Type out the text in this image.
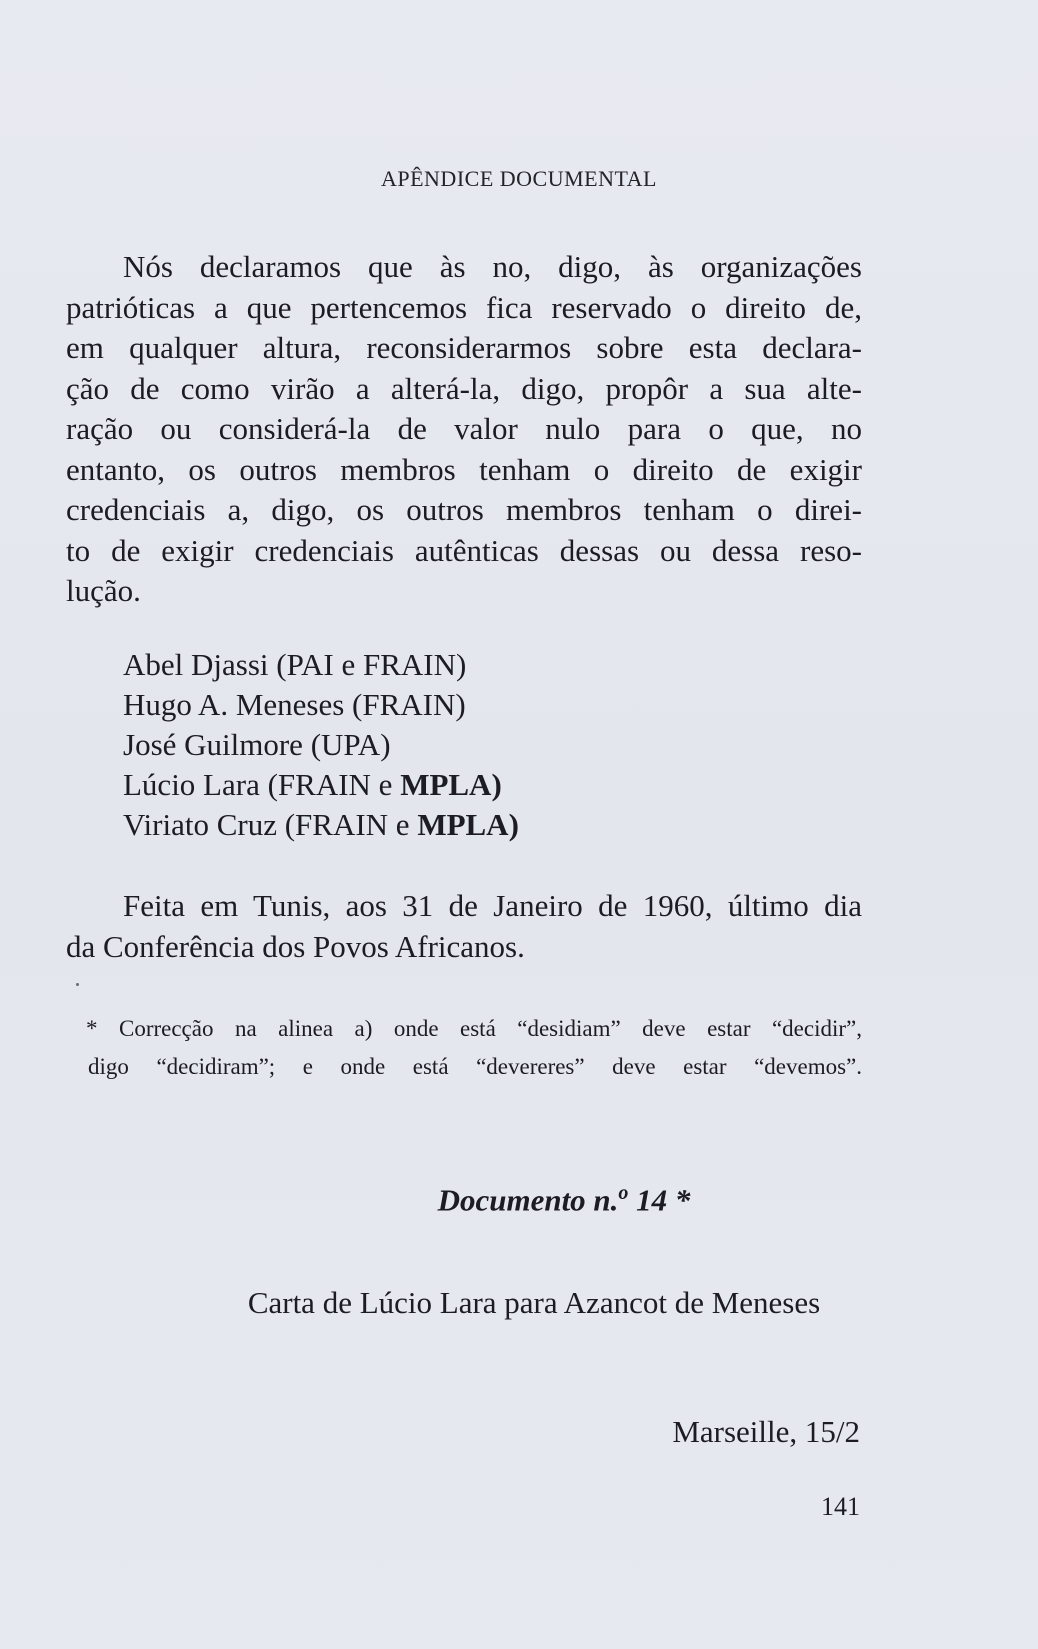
APÊNDICE DOCUMENTAL
Nós declaramos que às no, digo, às organizações
patrióticas a que pertencemos fica reservado o direito de,
em qualquer altura, reconsiderarmos sobre esta declara-
ção de como virão a alterá-la, digo, propôr a sua alte-
ração ou considerá-la de valor nulo para o que, no
entanto, os outros membros tenham o direito de exigir
credenciais a, digo, os outros membros tenham o direi-
to de exigir credenciais autênticas dessas ou dessa reso-
lução.
Abel Djassi (PAI e FRAIN)
Hugo A. Meneses (FRAIN)
José Guilmore (UPA)
Lúcio Lara (FRAIN e MPLA)
Viriato Cruz (FRAIN e MPLA)
Feita em Tunis, aos 31 de Janeiro de 1960, último dia
da Conferência dos Povos Africanos.
* Correcção na alinea a) onde está “desidiam” deve estar “decidir”,
digo “decidiram”; e onde está “devereres” deve estar “devemos”.
Documento n.$^o$ 14 *
Carta de Lúcio Lara para Azancot de Meneses
Marseille, 15/2
141
